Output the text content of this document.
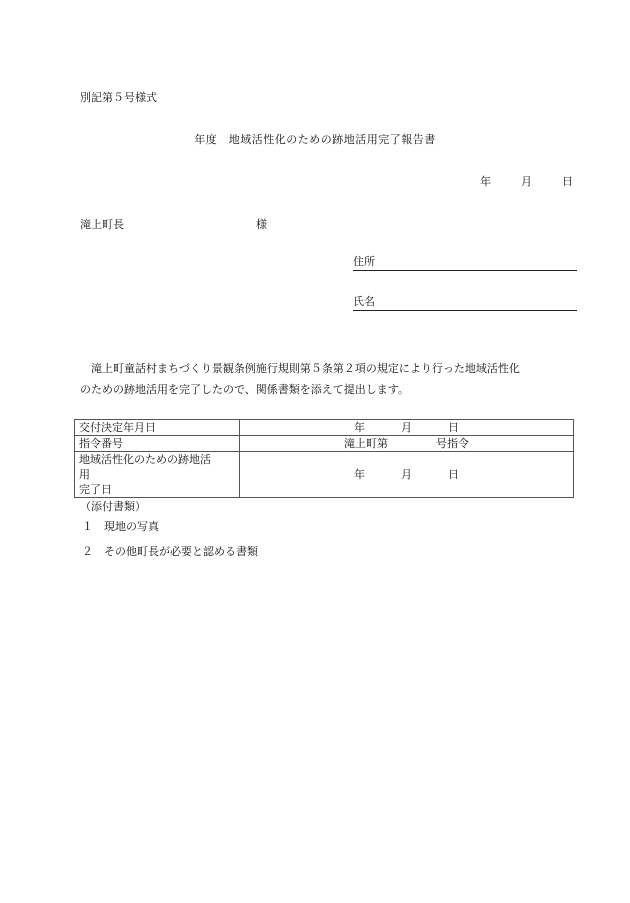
別記第５号様式
年度　地域活性化のための跡地活用完了報告書
年	月	日
滝上町長	様
住所
氏名

　滝上町童話村まちづくり景観条例施行規則第５条第２項の規定により行った地域活性化

のための跡地活用を完了したので、関係書類を添えて提出します。

交付決定年月日	年 月 日
指令番号	滝上町第 号指令

地域活性化のための跡地活
用
完了日	年 月 日
（添付書類）
１ 現地の写真
２ その他町長が必要と認める書類
